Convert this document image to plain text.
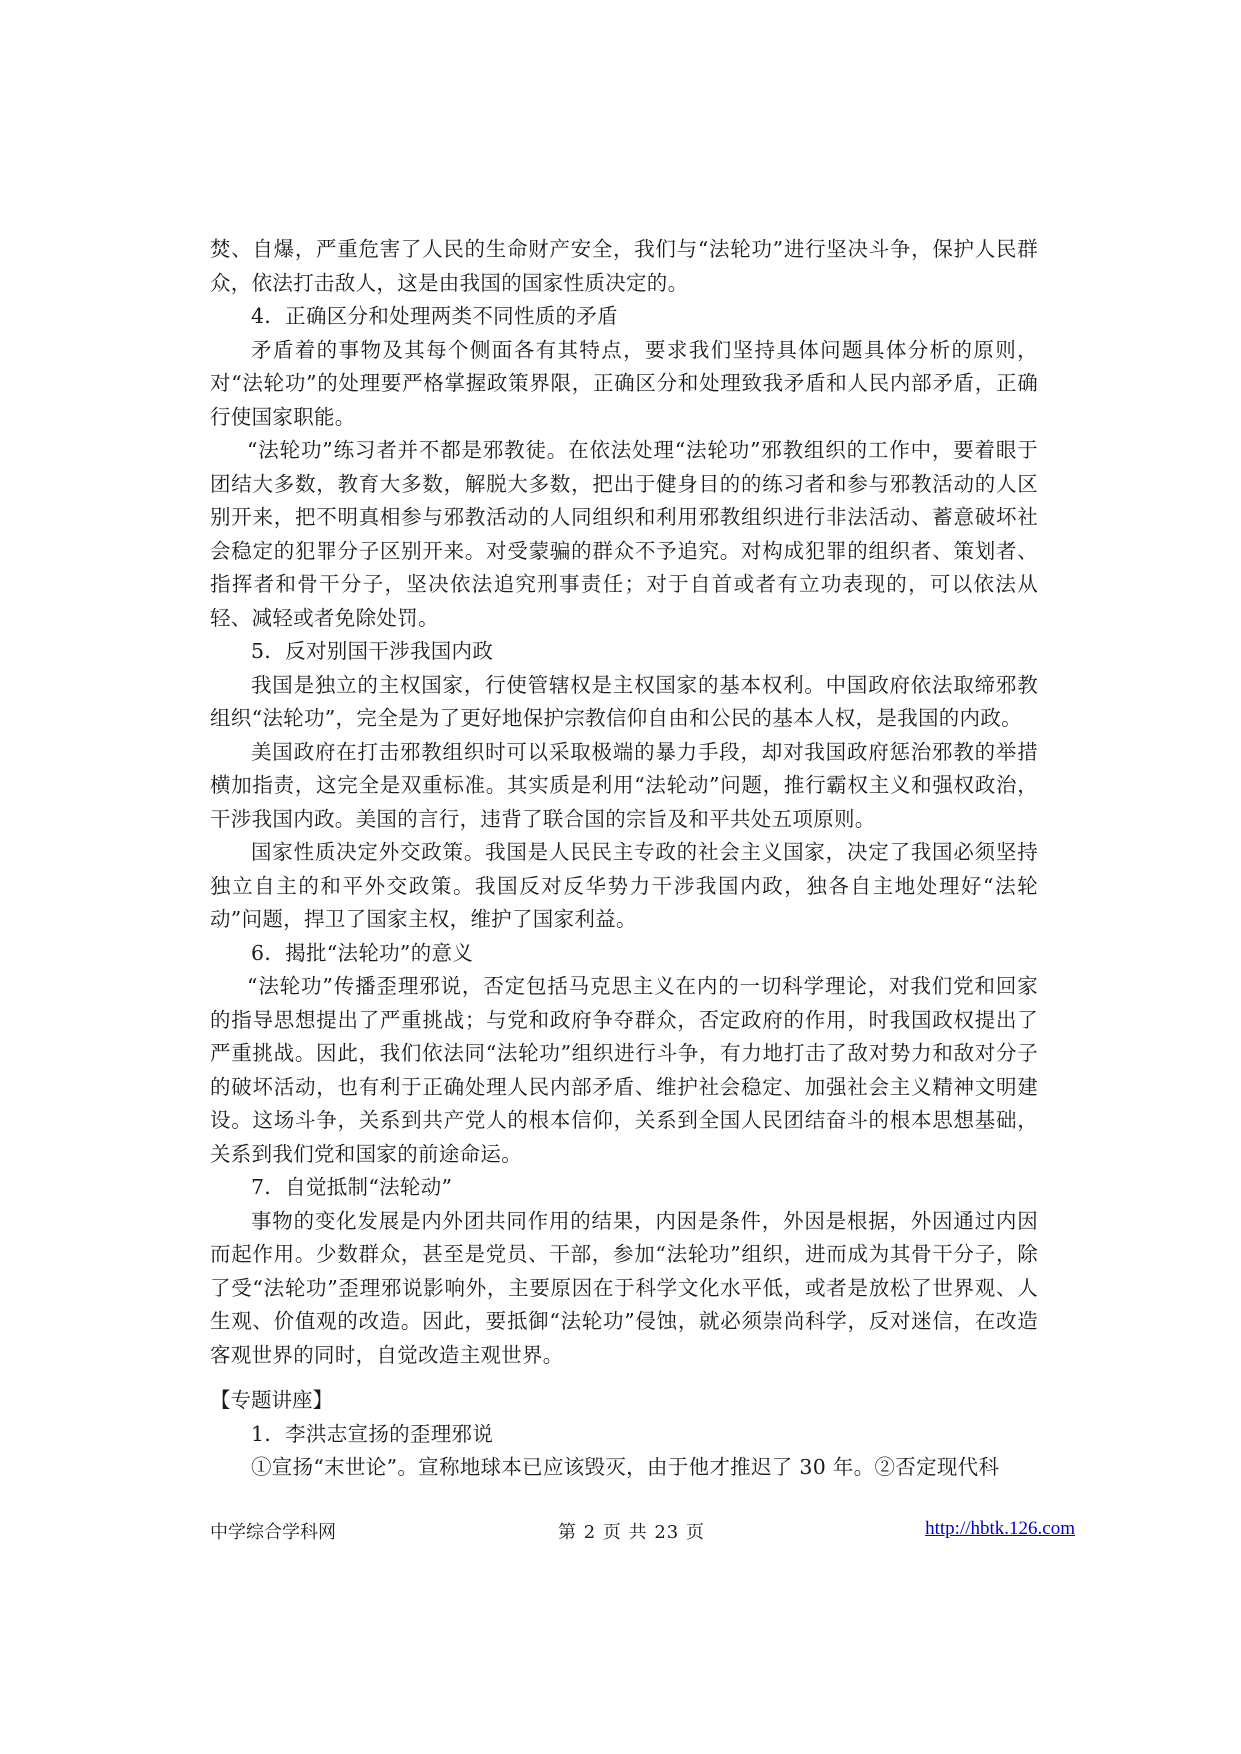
焚、自爆，严重危害了人民的生命财产安全，我们与“法轮功”进行坚决斗争，保护人民群众，依法打击敌人，这是由我国的国家性质决定的。

4．正确区分和处理两类不同性质的矛盾

矛盾着的事物及其每个侧面各有其特点，要求我们坚持具体问题具体分析的原则，对“法轮功”的处理要严格掌握政策界限，正确区分和处理致我矛盾和人民内部矛盾，正确行使国家职能。

“法轮功”练习者并不都是邪教徒。在依法处理“法轮功”邪教组织的工作中，要着眼于团结大多数，教育大多数，解脱大多数，把出于健身目的的练习者和参与邪教活动的人区别开来，把不明真相参与邪教活动的人同组织和利用邪教组织进行非法活动、蓄意破坏社会稳定的犯罪分子区别开来。对受蒙骗的群众不予追究。对构成犯罪的组织者、策划者、指挥者和骨干分子，坚决依法追究刑事责任；对于自首或者有立功表现的，可以依法从轻、减轻或者免除处罚。

5．反对别国干涉我国内政

我国是独立的主权国家，行使管辖权是主权国家的基本权利。中国政府依法取缔邪教组织“法轮功”，完全是为了更好地保护宗教信仰自由和公民的基本人权，是我国的内政。

美国政府在打击邪教组织时可以采取极端的暴力手段，却对我国政府惩治邪教的举措横加指责，这完全是双重标准。其实质是利用“法轮动”问题，推行霸权主义和强权政治，干涉我国内政。美国的言行，违背了联合国的宗旨及和平共处五项原则。

国家性质决定外交政策。我国是人民民主专政的社会主义国家，决定了我国必须坚持独立自主的和平外交政策。我国反对反华势力干涉我国内政，独各自主地处理好“法轮动”问题，捍卫了国家主权，维护了国家利益。

6．揭批“法轮功”的意义

“法轮功”传播歪理邪说，否定包括马克思主义在内的一切科学理论，对我们党和回家的指导思想提出了严重挑战；与党和政府争夺群众，否定政府的作用，时我国政权提出了严重挑战。因此，我们依法同“法轮功”组织进行斗争，有力地打击了敌对势力和敌对分子的破坏活动，也有利于正确处理人民内部矛盾、维护社会稳定、加强社会主义精神文明建设。这场斗争，关系到共产党人的根本信仰，关系到全国人民团结奋斗的根本思想基础，关系到我们党和国家的前途命运。

7．自觉抵制“法轮动”

事物的变化发展是内外团共同作用的结果，内因是条件，外因是根据，外因通过内因而起作用。少数群众，甚至是党员、干部，参加“法轮功”组织，进而成为其骨干分子，除了受“法轮功”歪理邪说影响外，主要原因在于科学文化水平低，或者是放松了世界观、人生观、价值观的改造。因此，要抵御“法轮功”侵蚀，就必须崇尚科学，反对迷信，在改造客观世界的同时，自觉改造主观世界。

【专题讲座】

1．李洪志宣扬的歪理邪说

①宣扬“末世论”。宣称地球本已应该毁灭，由于他才推迟了 30 年。②否定现代科

中学综合学科网	第 2 页 共 23 页	http://hbtk.126.com
